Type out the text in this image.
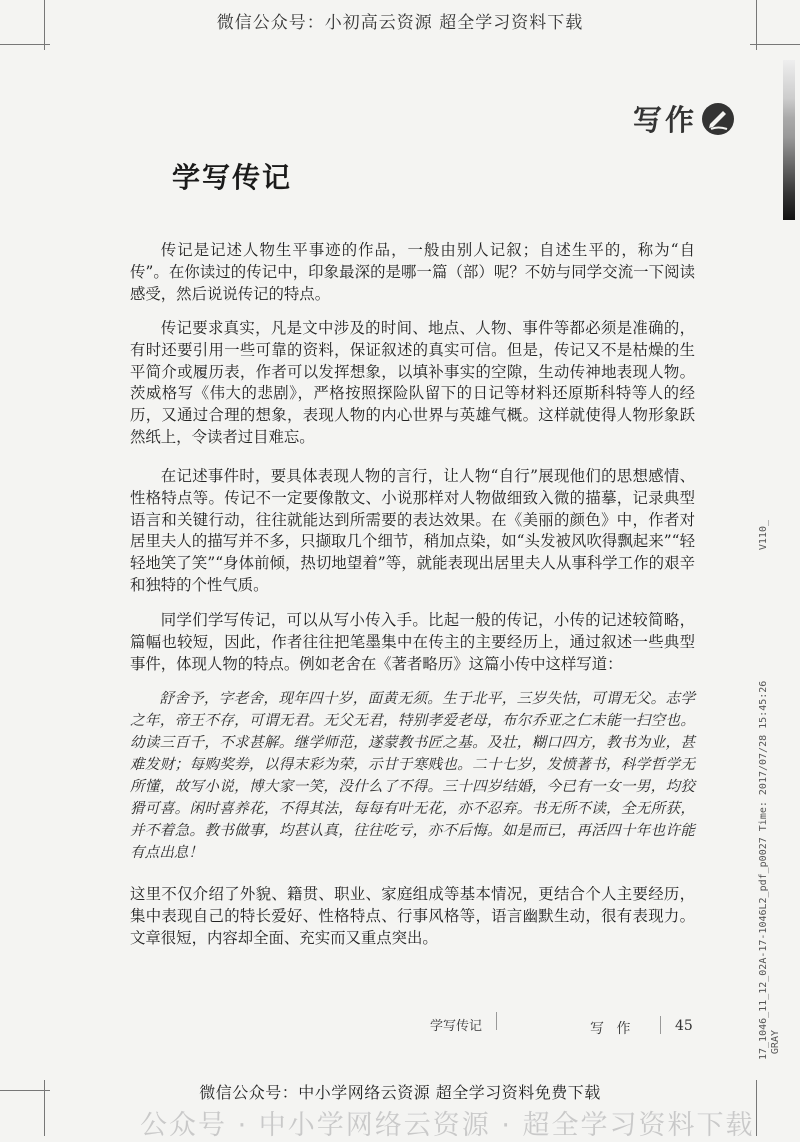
微信公众号：小初高云资源 超全学习资料下载
写作
学写传记

传记是记述人物生平事迹的作品，一般由别人记叙；自述生平的，称为“自传”。在你读过的传记中，印象最深的是哪一篇（部）呢？不妨与同学交流一下阅读感受，然后说说传记的特点。

传记要求真实，凡是文中涉及的时间、地点、人物、事件等都必须是准确的，有时还要引用一些可靠的资料，保证叙述的真实可信。但是，传记又不是枯燥的生平简介或履历表，作者可以发挥想象，以填补事实的空隙，生动传神地表现人物。茨威格写《伟大的悲剧》，严格按照探险队留下的日记等材料还原斯科特等人的经历，又通过合理的想象，表现人物的内心世界与英雄气概。这样就使得人物形象跃然纸上，令读者过目难忘。

在记述事件时，要具体表现人物的言行，让人物“自行”展现他们的思想感情、性格特点等。传记不一定要像散文、小说那样对人物做细致入微的描摹，记录典型语言和关键行动，往往就能达到所需要的表达效果。在《美丽的颜色》中，作者对居里夫人的描写并不多，只撷取几个细节，稍加点染，如“头发被风吹得飘起来”“轻轻地笑了笑”“身体前倾，热切地望着”等，就能表现出居里夫人从事科学工作的艰辛和独特的个性气质。

同学们学写传记，可以从写小传入手。比起一般的传记，小传的记述较简略，篇幅也较短，因此，作者往往把笔墨集中在传主的主要经历上，通过叙述一些典型事件，体现人物的特点。例如老舍在《著者略历》这篇小传中这样写道：

舒舍予，字老舍，现年四十岁，面黄无须。生于北平，三岁失怙，可谓无父。志学之年，帝王不存，可谓无君。无父无君，特别孝爱老母，布尔乔亚之仁未能一扫空也。幼读三百千，不求甚解。继学师范，遂蒙教书匠之基。及壮，糊口四方，教书为业，甚难发财；每购奖券，以得末彩为荣，示甘于寒贱也。二十七岁，发愤著书，科学哲学无所懂，故写小说，博大家一笑，没什么了不得。三十四岁结婚，今已有一女一男，均狡猾可喜。闲时喜养花，不得其法，每每有叶无花，亦不忍弃。书无所不读，全无所获，并不着急。教书做事，均甚认真，往往吃亏，亦不后悔。如是而已，再活四十年也许能有点出息！

这里不仅介绍了外貌、籍贯、职业、家庭组成等基本情况，更结合个人主要经历，集中表现自己的特长爱好、性格特点、行事风格等，语言幽默生动，很有表现力。文章很短，内容却全面、充实而又重点突出。	17_1046_11_12_02A-17-1046L2_pdf_p0027 Time: 2017/07/28 15:45:26
V110_
GRAY
学写传记	写 作	45
微信公众号：中小学网络云资源 超全学习资料免费下载
公众号 · 中小学网络云资源 · 超全学习资料下载
